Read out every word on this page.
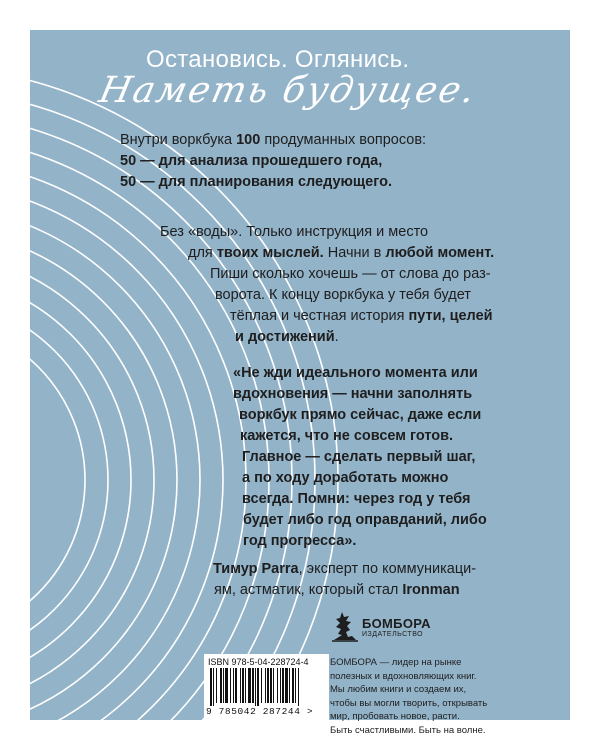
Остановись. Оглянись.
Наметь будущее.
Внутри воркбука 100 продуманных вопросов:
50 — для анализа прошедшего года,
50 — для планирования следующего.
Без «воды». Только инструкция и место
для твоих мыслей. Начни в любой момент.
Пиши сколько хочешь — от слова до раз-
ворота. К концу воркбука у тебя будет
тёплая и честная история пути, целей
и достижений.
«Не жди идеального момента или
вдохновения — начни заполнять
воркбук прямо сейчас, даже если
кажется, что не совсем готов.
Главное — сделать первый шаг,
а по ходу доработать можно
всегда. Помни: через год у тебя
будет либо год оправданий, либо
год прогресса».
Тимур Parra, эксперт по коммуникаци-
ям, астматик, который стал Ironman
ISBN 978-5-04-228724-4
9 785042 287244 >
БОМБОРА
ИЗДАТЕЛЬСТВО
БОМБОРА — лидер на рынке
полезных и вдохновляющих книг.
Мы любим книги и создаем их,
чтобы вы могли творить, открывать
мир, пробовать новое, расти.
Быть счастливыми. Быть на волне.
